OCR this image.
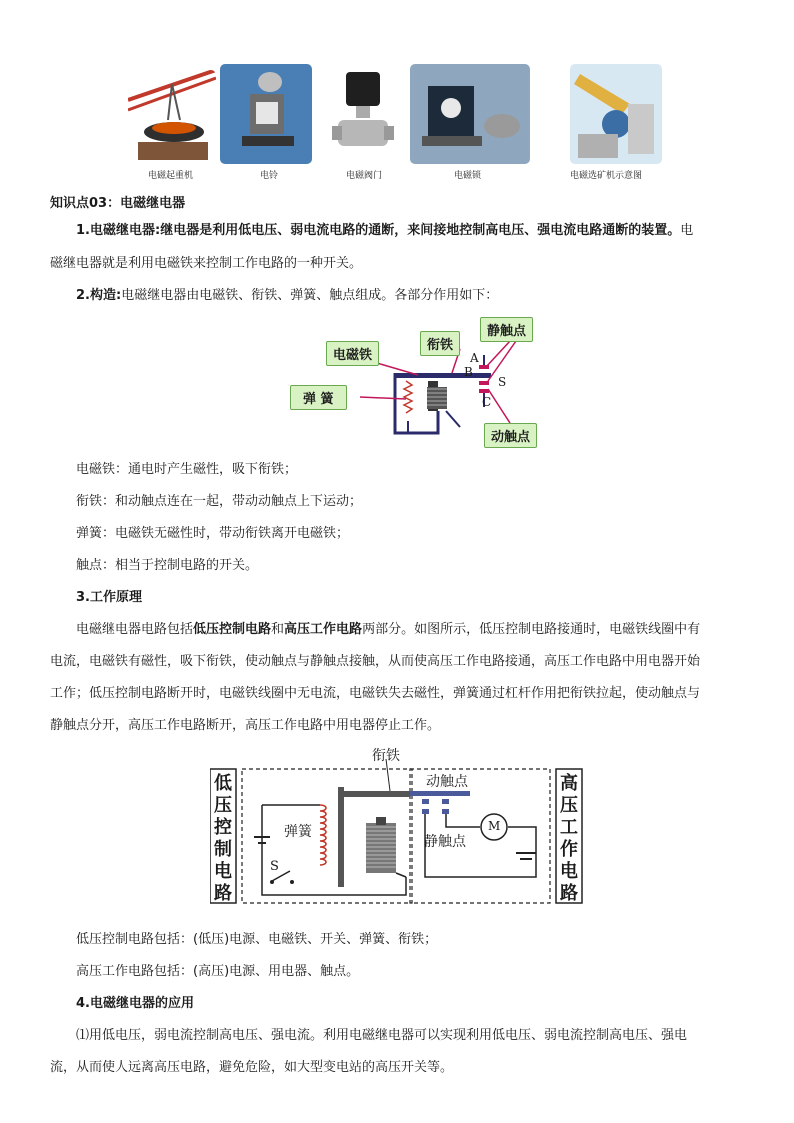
电磁起重机	电铃	电磁阀门	电磁锁	电磁选矿机示意图
知识点03：电磁继电器
1.电磁继电器:继电器是利用低电压、弱电流电路的通断，来间接地控制高电压、强电流电路通断的装置。电
磁继电器就是利用电磁铁来控制工作电路的一种开关。
2.构造:电磁继电器由电磁铁、衔铁、弹簧、触点组成。各部分作用如下：
电磁铁
衔铁
静触点
弹 簧
动触点
A
B
C
S
电磁铁：通电时产生磁性，吸下衔铁；
衔铁：和动触点连在一起，带动动触点上下运动；
弹簧：电磁铁无磁性时，带动衔铁离开电磁铁；
触点：相当于控制电路的开关。
3.工作原理
电磁继电器电路包括低压控制电路和高压工作电路两部分。如图所示，低压控制电路接通时，电磁铁线圈中有
电流，电磁铁有磁性，吸下衔铁，使动触点与静触点接触，从而使高压工作电路接通，高压工作电路中用电器开始
工作；低压控制电路断开时，电磁铁线圈中无电流，电磁铁失去磁性，弹簧通过杠杆作用把衔铁拉起，使动触点与
静触点分开，高压工作电路断开，高压工作电路中用电器停止工作。
低
压
控
制
电
路
高
压
工
作
电
路
衔铁
动触点
静触点
弹簧
S
M
低压控制电路包括：(低压)电源、电磁铁、开关、弹簧、衔铁；
高压工作电路包括：(高压)电源、用电器、触点。
4.电磁继电器的应用
⑴用低电压，弱电流控制高电压、强电流。利用电磁继电器可以实现利用低电压、弱电流控制高电压、强电
流，从而使人远离高压电路，避免危险，如大型变电站的高压开关等。
